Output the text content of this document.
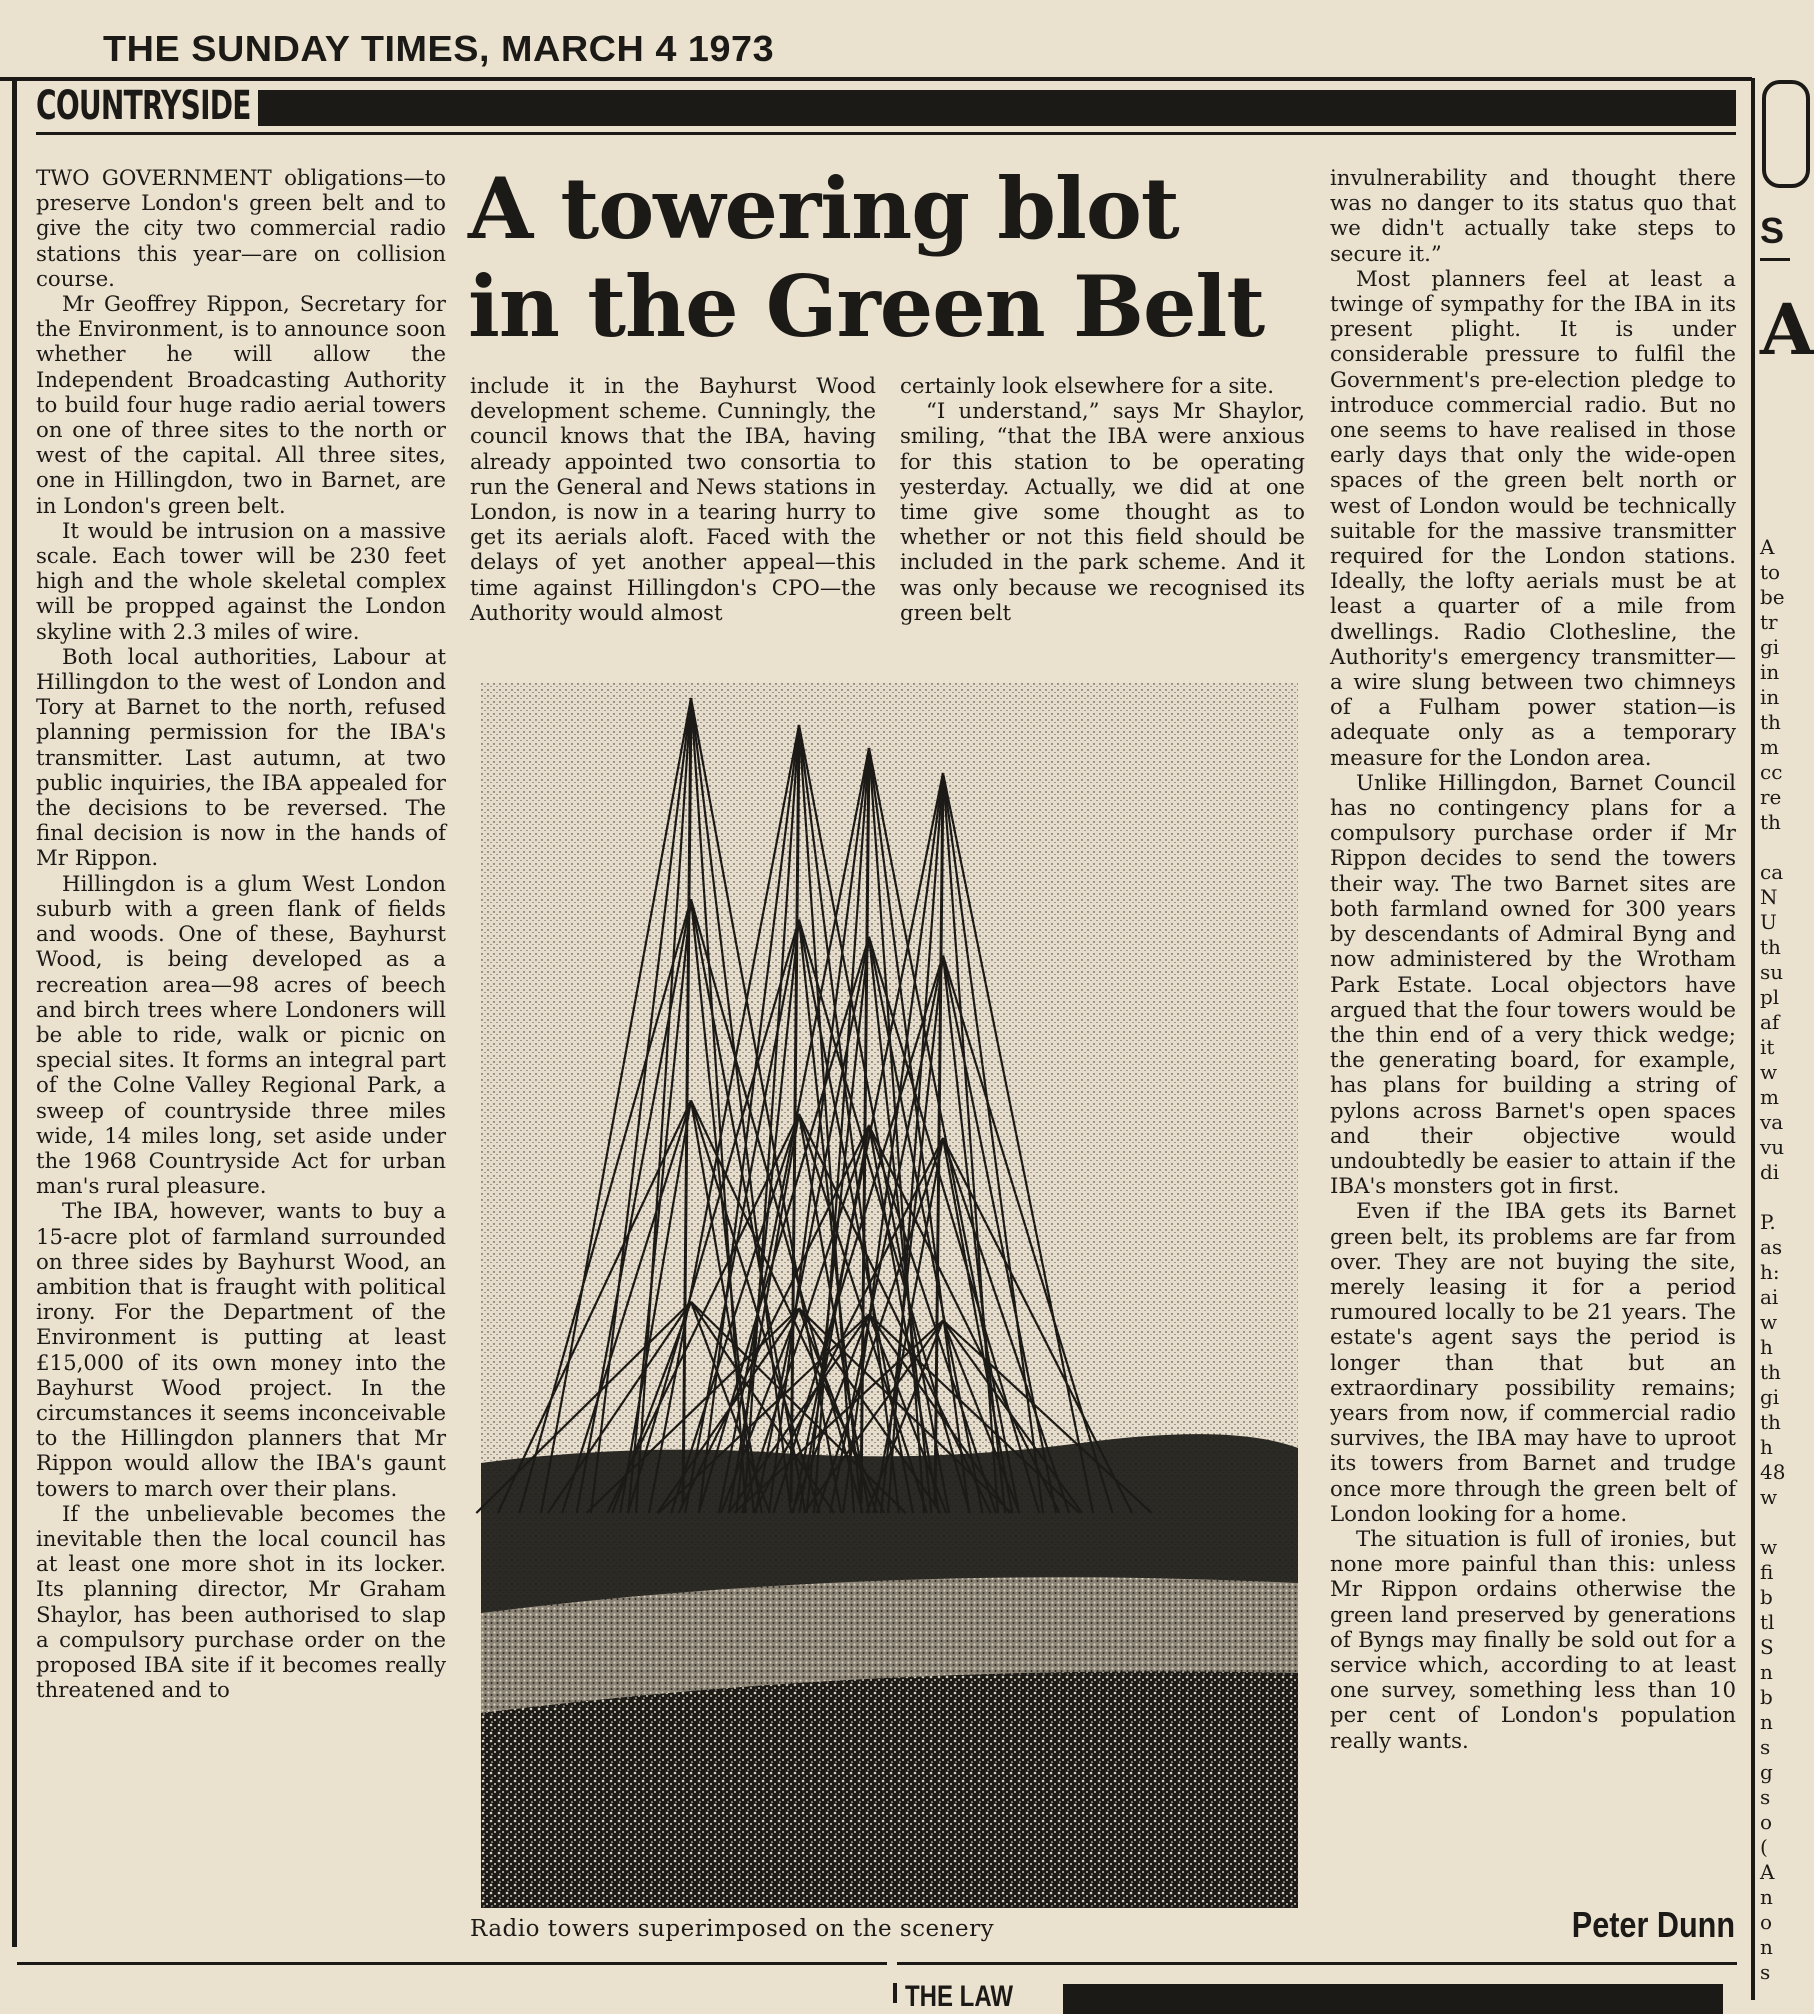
THE SUNDAY TIMES, MARCH 4 1973
COUNTRYSIDE

TWO GOVERNMENT obligations—to preserve London's green belt and to give the city two commercial radio stations this year—are on collision course.

Mr Geoffrey Rippon, Secretary for the Environment, is to announce soon whether he will allow the Independent Broadcasting Authority to build four huge radio aerial towers on one of three sites to the north or west of the capital. All three sites, one in Hillingdon, two in Barnet, are in London's green belt.

It would be intrusion on a massive scale. Each tower will be 230 feet high and the whole skeletal complex will be propped against the London skyline with 2.3 miles of wire.

Both local authorities, Labour at Hillingdon to the west of London and Tory at Barnet to the north, refused planning permission for the IBA's transmitter. Last autumn, at two public inquiries, the IBA appealed for the decisions to be reversed. The final decision is now in the hands of Mr Rippon.

Hillingdon is a glum West London suburb with a green flank of fields and woods. One of these, Bayhurst Wood, is being developed as a recreation area—98 acres of beech and birch trees where Londoners will be able to ride, walk or picnic on special sites. It forms an integral part of the Colne Valley Regional Park, a sweep of countryside three miles wide, 14 miles long, set aside under the 1968 Countryside Act for urban man's rural pleasure.

The IBA, however, wants to buy a 15-acre plot of farmland surrounded on three sides by Bayhurst Wood, an ambition that is fraught with political irony. For the Department of the Environment is putting at least £15,000 of its own money into the Bayhurst Wood project. In the circumstances it seems inconceivable to the Hillingdon planners that Mr Rippon would allow the IBA's gaunt towers to march over their plans.

If the unbelievable becomes the inevitable then the local council has at least one more shot in its locker. Its planning director, Mr Graham Shaylor, has been authorised to slap a compulsory purchase order on the proposed IBA site if it becomes really threatened and to

A towering blot
in the Green Belt

include it in the Bayhurst Wood development scheme. Cunningly, the council knows that the IBA, having already appointed two consortia to run the General and News stations in London, is now in a tearing hurry to get its aerials aloft. Faced with the delays of yet another appeal—this time against Hillingdon's CPO—the Authority would almost

certainly look elsewhere for a site.

“I understand,” says Mr Shaylor, smiling, “that the IBA were anxious for this station to be operating yesterday. Actually, we did at one time give some thought as to whether or not this field should be included in the park scheme. And it was only because we recognised its green belt

Radio towers superimposed on the scenery	Peter Dunn

invulnerability and thought there was no danger to its status quo that we didn't actually take steps to secure it.”

Most planners feel at least a twinge of sympathy for the IBA in its present plight. It is under considerable pressure to fulfil the Government's pre-election pledge to introduce commercial radio. But no one seems to have realised in those early days that only the wide-open spaces of the green belt north or west of London would be technically suitable for the massive transmitter required for the London stations. Ideally, the lofty aerials must be at least a quarter of a mile from dwellings. Radio Clothesline, the Authority's emergency transmitter—a wire slung between two chimneys of a Fulham power station—is adequate only as a temporary measure for the London area.

Unlike Hillingdon, Barnet Council has no contingency plans for a compulsory purchase order if Mr Rippon decides to send the towers their way. The two Barnet sites are both farmland owned for 300 years by descendants of Admiral Byng and now administered by the Wrotham Park Estate. Local objectors have argued that the four towers would be the thin end of a very thick wedge; the generating board, for example, has plans for building a string of pylons across Barnet's open spaces and their objective would undoubtedly be easier to attain if the IBA's monsters got in first.

Even if the IBA gets its Barnet green belt, its problems are far from over. They are not buying the site, merely leasing it for a period rumoured locally to be 21 years. The estate's agent says the period is longer than that but an extraordinary possibility remains; years from now, if commercial radio survives, the IBA may have to uproot its towers from Barnet and trudge once more through the green belt of London looking for a home.

The situation is full of ironies, but none more painful than this: unless Mr Rippon ordains otherwise the green land preserved by generations of Byngs may finally be sold out for a service which, according to at least one survey, something less than 10 per cent of London's population really wants.

THE LAW
S
A
A
to
be
tr
gi
in
in
th
m
cc
re
th

ca
N
U
th
su
pl
af
it
w
m
va
vu
di

P.
as
h:
ai
w
h
th
gi
th
h
48
w

w
fi
b
tl
S
n
b
n
s
g
s
o
(
A
n
o
n
s
